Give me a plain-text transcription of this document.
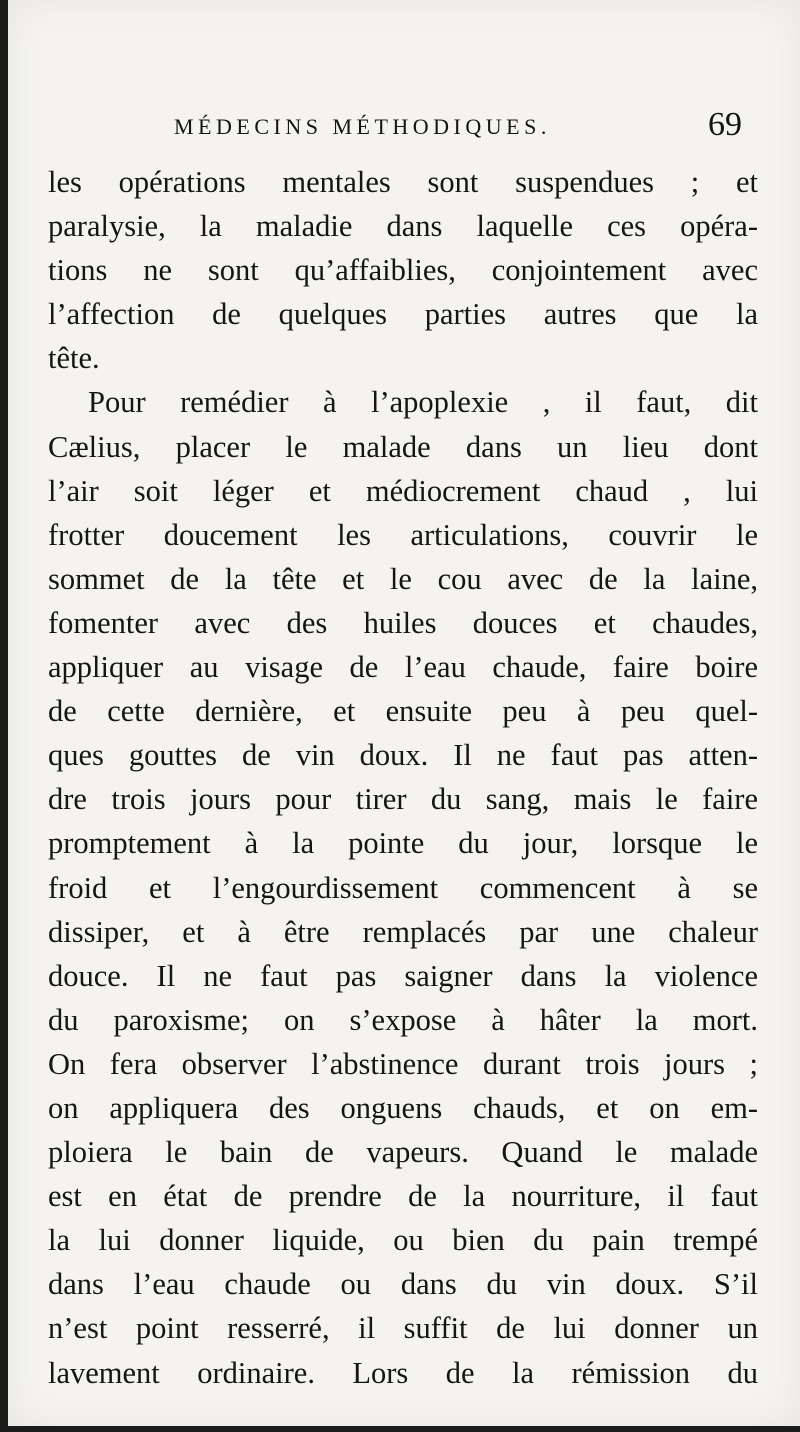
MÉDECINS MÉTHODIQUES.	69
les opérations mentales sont suspendues ; et
paralysie, la maladie dans laquelle ces opéra-
tions ne sont qu’affaiblies, conjointement avec
l’affection de quelques parties autres que la
tête.
Pour remédier à l’apoplexie , il faut, dit
Cælius, placer le malade dans un lieu dont
l’air soit léger et médiocrement chaud , lui
frotter doucement les articulations, couvrir le
sommet de la tête et le cou avec de la laine,
fomenter avec des huiles douces et chaudes,
appliquer au visage de l’eau chaude, faire boire
de cette dernière, et ensuite peu à peu quel-
ques gouttes de vin doux. Il ne faut pas atten-
dre trois jours pour tirer du sang, mais le faire
promptement à la pointe du jour, lorsque le
froid et l’engourdissement commencent à se
dissiper, et à être remplacés par une chaleur
douce. Il ne faut pas saigner dans la violence
du paroxisme; on s’expose à hâter la mort.
On fera observer l’abstinence durant trois jours ;
on appliquera des onguens chauds, et on em-
ploiera le bain de vapeurs. Quand le malade
est en état de prendre de la nourriture, il faut
la lui donner liquide, ou bien du pain trempé
dans l’eau chaude ou dans du vin doux. S’il
n’est point resserré, il suffit de lui donner un
lavement ordinaire. Lors de la rémission du
